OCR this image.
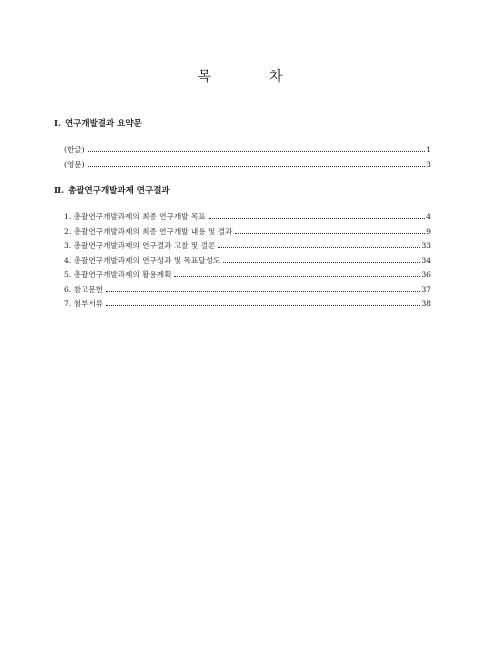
목	차
Ⅰ. 연구개발결과 요약문
(한글)	1
(영문)	3
Ⅱ. 총괄연구개발과제 연구결과
1. 총괄연구개발과제의 최종 연구개발 목표	4
2. 총괄연구개발과제의 최종 연구개발 내용 및 결과	9
3. 총괄연구개발과제의 연구결과 고찰 및 결론	33
4. 총괄연구개발과제의 연구성과 및 목표달성도	34
5. 총괄연구개발과제의 활용계획	36
6. 참고문헌	37
7. 첨부서류	38
